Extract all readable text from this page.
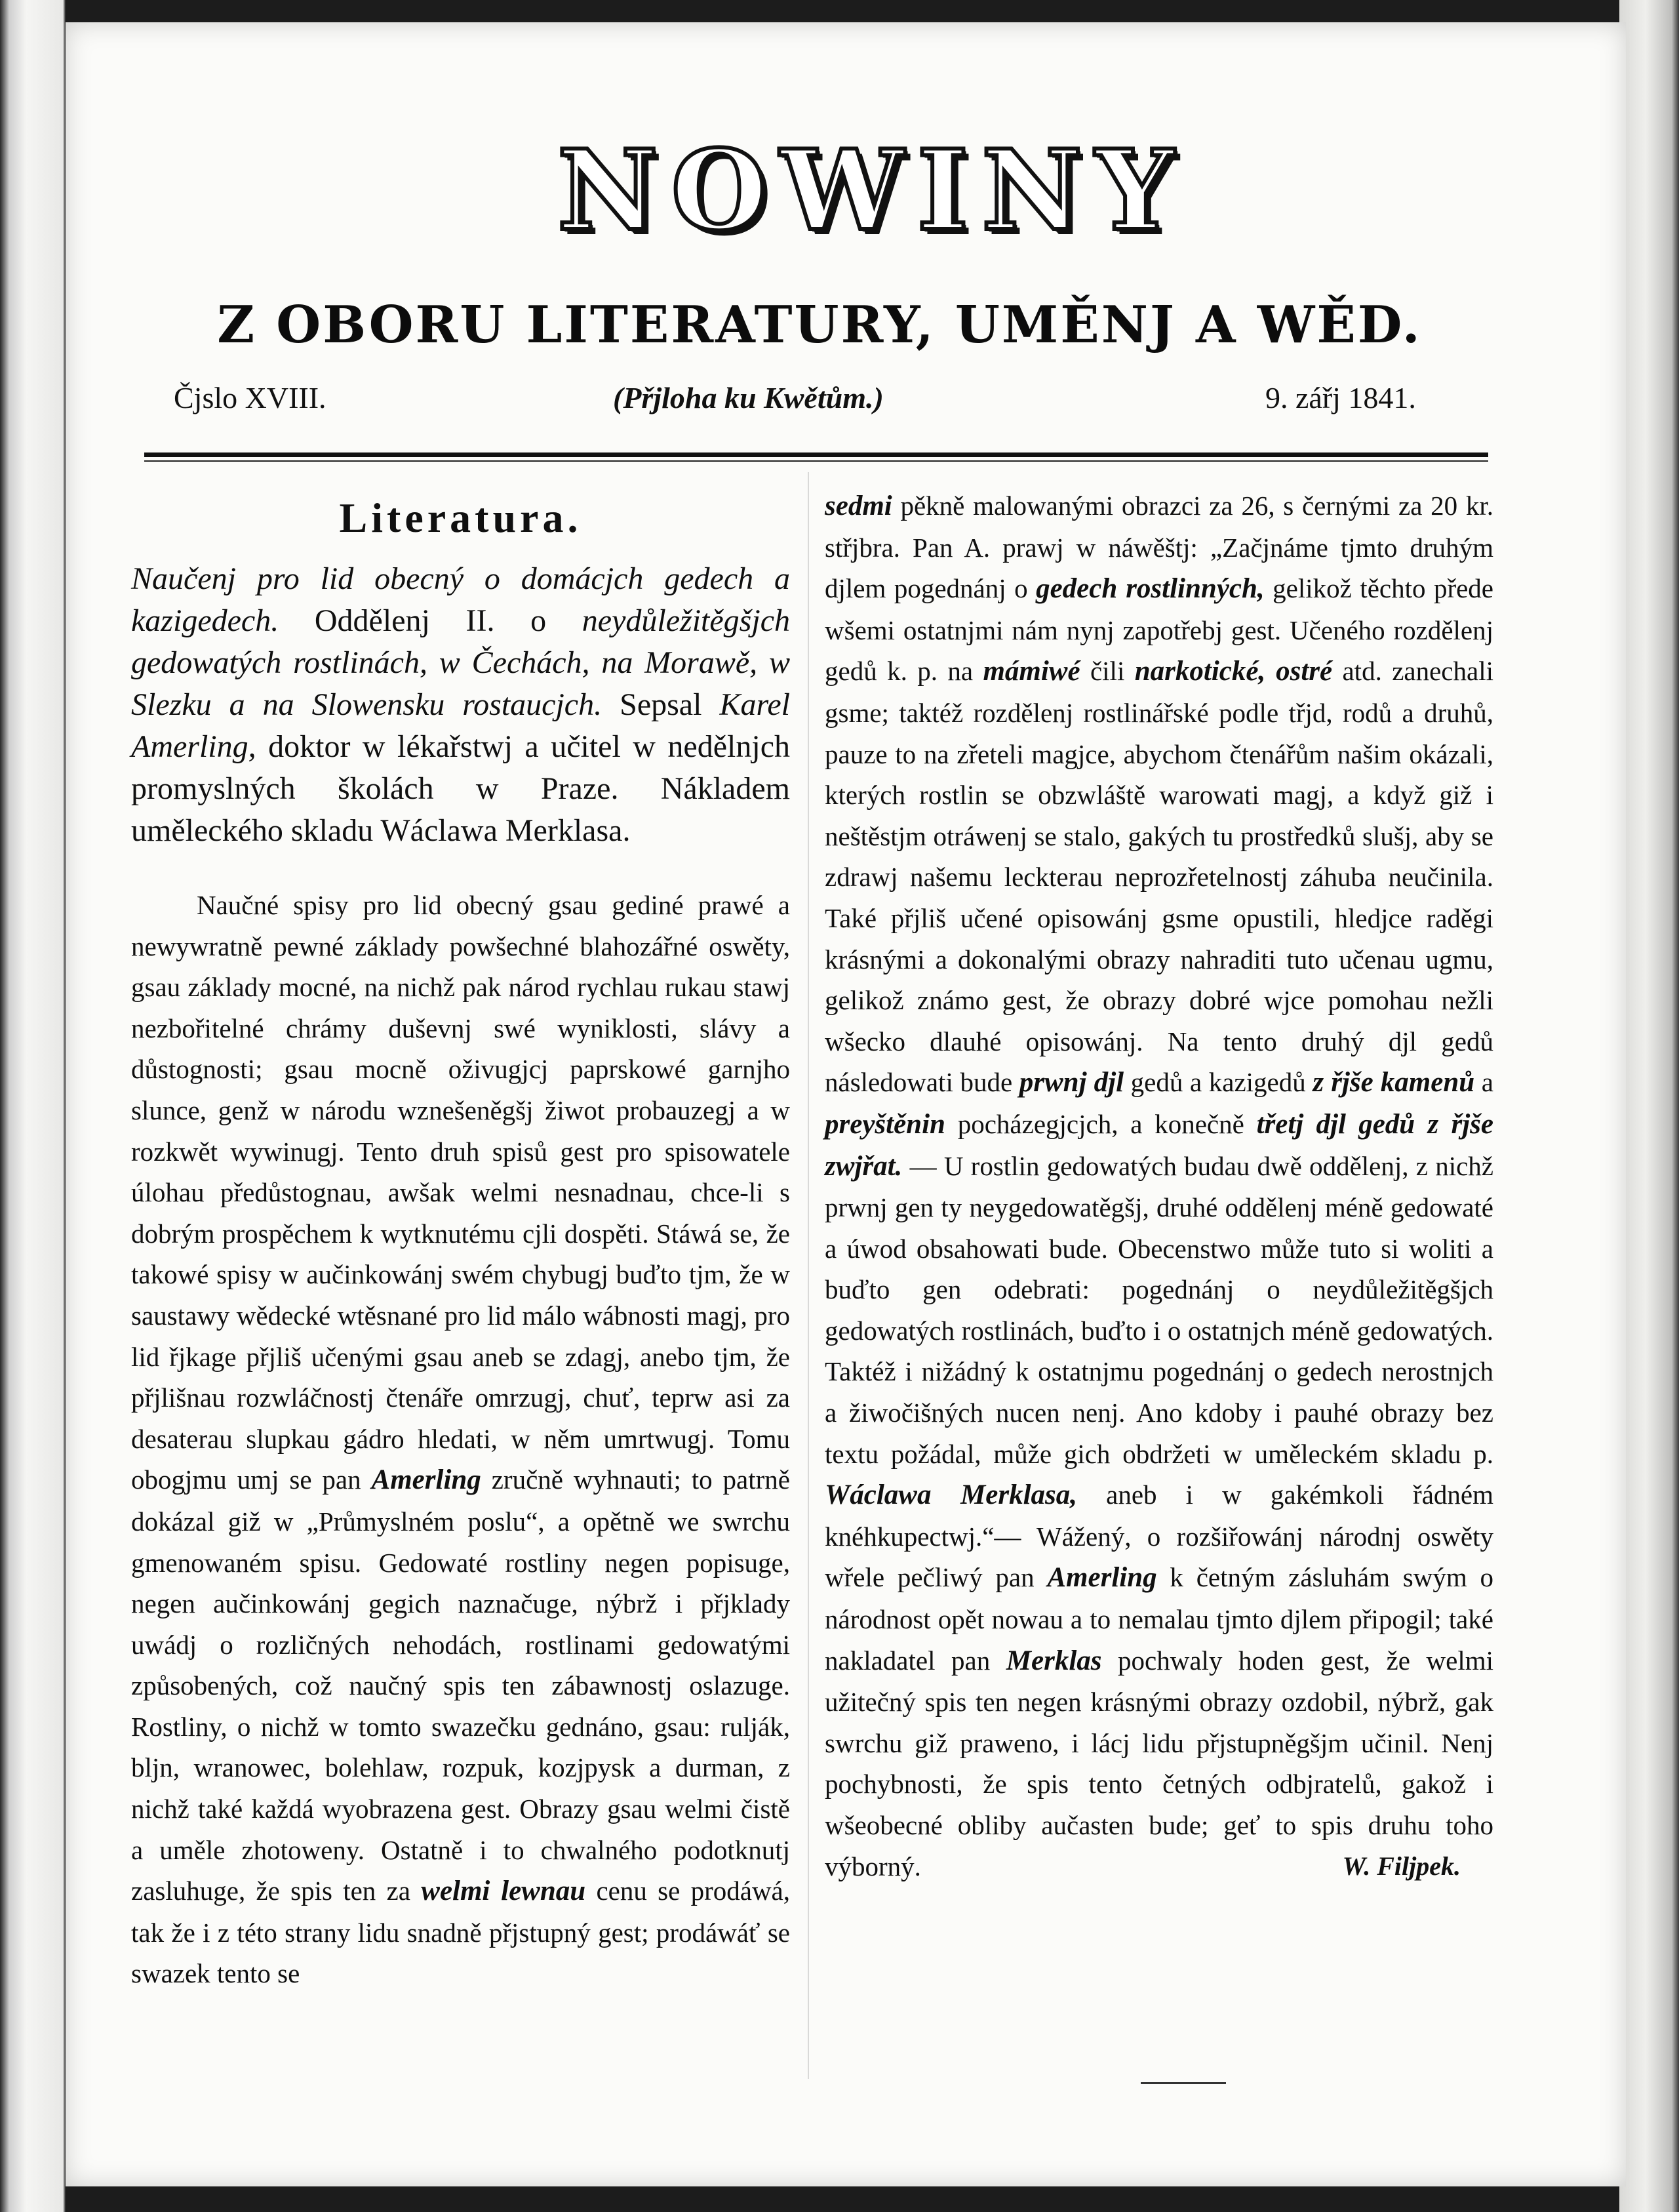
NOWINY
Z OBORU LITERATURY, UMĚNJ A WĚD.
Čjslo XVIII.	(Přjloha ku Kwětům.)	9. zářj 1841.
Literatura.
Naučenj pro lid obecný o domácjch gedech a kazigedech. Oddělenj II. o neydůležitěgšjch gedowatých rostlinách, w Čechách, na Morawě, w Slezku a na Slowensku rostaucjch. Sepsal Karel Amerling, doktor w lékařstwj a učitel w nedělnjch promyslných školách w Praze. Nákladem uměleckého skladu Wáclawa Merklasa.
Naučné spisy pro lid obecný gsau gediné prawé a newywratně pewné základy powšechné blahozářné oswěty, gsau základy mocné, na nichž pak národ rychlau rukau stawj nezbořitelné chrámy duševnj swé wyniklosti, slávy a důstognosti; gsau mocně oživugjcj paprskowé garnjho slunce, genž w národu wznešeněgšj žiwot probauzegj a w rozkwět wywinugj. Tento druh spisů gest pro spisowatele úlohau předůstognau, awšak welmi nesnadnau, chce-li s dobrým prospěchem k wytknutému cjli dospěti. Stáwá se, že takowé spisy w aučinkowánj swém chybugj buďto tjm, že w saustawy wědecké wtěsnané pro lid málo wábnosti magj, pro lid řjkage přjliš učenými gsau aneb se zdagj, anebo tjm, že přjlišnau rozwláčnostj čtenáře omrzugj, chuť, teprw asi za desaterau slupkau gádro hledati, w něm umrtwugj. Tomu obogjmu umj se pan Amerling zručně wyhnauti; to patrně dokázal giž w „Průmyslném poslu“, a opětně we swrchu gmenowaném spisu. Gedowaté rostliny negen popisuge, negen aučinkowánj gegich naznačuge, nýbrž i přjklady uwádj o rozličných nehodách, rostlinami gedowatými způsobených, což naučný spis ten zábawnostj oslazuge. Rostliny, o nichž w tomto swazečku gednáno, gsau: rulják, bljn, wranowec, bolehlaw, rozpuk, kozjpysk a durman, z nichž také každá wyobrazena gest. Obrazy gsau welmi čistě a uměle zhotoweny. Ostatně i to chwalného podotknutj zasluhuge, že spis ten za welmi lewnau cenu se prodáwá, tak že i z této strany lidu snadně přjstupný gest; prodáwáť se swazek tento se
sedmi pěkně malowanými obrazci za 26, s černými za 20 kr. střjbra. Pan A. prawj w náwěštj: „Začjnáme tjmto druhým djlem pogednánj o gedech rostlinných, gelikož těchto přede wšemi ostatnjmi nám nynj zapotřebj gest. Učeného rozdělenj gedů k. p. na mámiwé čili narkotické, ostré atd. zanechali gsme; taktéž rozdělenj rostlinářské podle třjd, rodů a druhů, pauze to na zřeteli magjce, abychom čtenářům našim okázali, kterých rostlin se obzwláště warowati magj, a když giž i neštěstjm otráwenj se stalo, gakých tu prostředků slušj, aby se zdrawj našemu leckterau neprozřetelnostj záhuba neučinila. Také přjliš učené opisowánj gsme opustili, hledjce raděgi krásnými a dokonalými obrazy nahraditi tuto učenau ugmu, gelikož známo gest, že obrazy dobré wjce pomohau nežli wšecko dlauhé opisowánj. Na tento druhý djl gedů následowati bude prwnj djl gedů a kazigedů z řjše kamenů a preyštěnin pocházegjcjch, a konečně třetj djl gedů z řjše zwjřat. — U rostlin gedowatých budau dwě oddělenj, z nichž prwnj gen ty neygedowatěgšj, druhé oddělenj méně gedowaté a úwod obsahowati bude. Obecenstwo může tuto si woliti a buďto gen odebrati: pogednánj o neydůležitěgšjch gedowatých rostlinách, buďto i o ostatnjch méně gedowatých. Taktéž i nižádný k ostatnjmu pogednánj o gedech nerostnjch a žiwočišných nucen nenj. Ano kdoby i pauhé obrazy bez textu požádal, může gich obdržeti w uměleckém skladu p. Wáclawa Merklasa, aneb i w gakémkoli řádném knéhkupectwj.“— Wážený, o rozšiřowánj národnj oswěty wřele pečliwý pan Amerling k četným zásluhám swým o národnost opět nowau a to nemalau tjmto djlem připogil; také nakladatel pan Merklas pochwaly hoden gest, že welmi užitečný spis ten negen krásnými obrazy ozdobil, nýbrž, gak swrchu giž praweno, i lácj lidu přjstupněgšjm učinil. Nenj pochybnosti, že spis tento četných odbjratelů, gakož i wšeobecné obliby aučasten bude; geť to spis druhu toho výborný.	W. Filjpek.
